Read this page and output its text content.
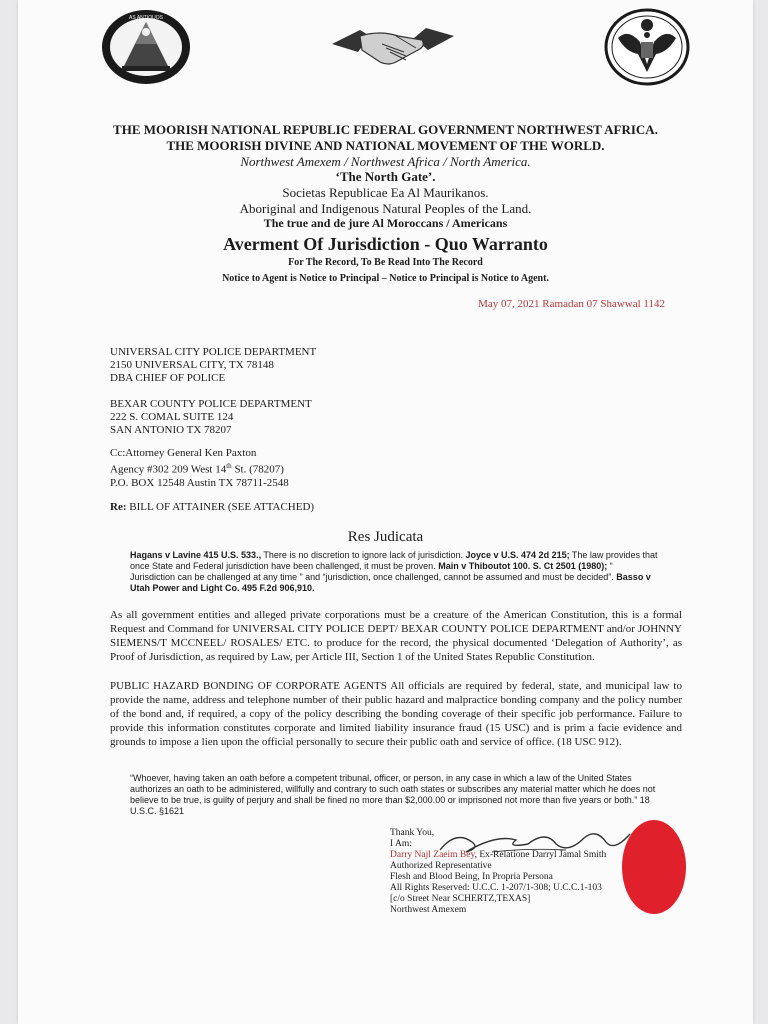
AS ANTIQUOS
THE MOORISH NATIONAL REPUBLIC FEDERAL GOVERNMENT NORTHWEST AFRICA.
THE MOORISH DIVINE AND NATIONAL MOVEMENT OF THE WORLD.
Northwest Amexem / Northwest Africa / North America.
‘The North Gate’.
Societas Republicae Ea Al Maurikanos.
Aboriginal and Indigenous Natural Peoples of the Land.
The true and de jure Al Moroccans / Americans
Averment Of Jurisdiction - Quo Warranto
For The Record, To Be Read Into The Record
Notice to Agent is Notice to Principal – Notice to Principal is Notice to Agent.
May 07, 2021 Ramadan 07 Shawwal 1142
UNIVERSAL CITY POLICE DEPARTMENT
2150 UNIVERSAL CITY, TX 78148
DBA CHIEF OF POLICE
BEXAR COUNTY POLICE DEPARTMENT
222 S. COMAL SUITE 124
SAN ANTONIO TX 78207
Cc:Attorney General Ken Paxton
Agency #302 209 West 14th St. (78207)
P.O. BOX 12548 Austin TX 78711-2548
Re: BILL OF ATTAINER (SEE ATTACHED)
Res Judicata
Hagans v Lavine 415 U.S. 533., There is no discretion to ignore lack of jurisdiction. Joyce v U.S. 474 2d 215; The law provides that once State and Federal jurisdiction have been challenged, it must be proven. Main v Thiboutot 100. S. Ct 2501 (1980); “ Jurisdiction can be challenged at any time ” and “jurisdiction, once challenged, cannot be assumed and must be decided”. Basso v Utah Power and Light Co. 495 F.2d 906,910.
As all government entities and alleged private corporations must be a creature of the American Constitution, this is a formal Request and Command for UNIVERSAL CITY POLICE DEPT/ BEXAR COUNTY POLICE DEPARTMENT and/or JOHNNY SIEMENS/T MCCNEEL/ ROSALES/ ETC. to produce for the record, the physical documented ‘Delegation of Authority’, as Proof of Jurisdiction, as required by Law, per Article III, Section 1 of the United States Republic Constitution.
PUBLIC HAZARD BONDING OF CORPORATE AGENTS All officials are required by federal, state, and municipal law to provide the name, address and telephone number of their public hazard and malpractice bonding company and the policy number of the bond and, if required, a copy of the policy describing the bonding coverage of their specific job performance. Failure to provide this information constitutes corporate and limited liability insurance fraud (15 USC) and is prim a facie evidence and grounds to impose a lien upon the official personally to secure their public oath and service of office. (18 USC 912).
“Whoever, having taken an oath before a competent tribunal, officer, or person, in any case in which a law of the United States authorizes an oath to be administered, willfully and contrary to such oath states or subscribes any material matter which he does not believe to be true, is guilty of perjury and shall be fined no more than $2,000.00 or imprisoned not more than five years or both.” 18 U.S.C. §1621
Thank You,
I Am:
Darry Najl Zaeim Bey, Ex-Relatione Darryl Jamal Smith
Authorized Representative
Flesh and Blood Being, In Propria Persona
All Rights Reserved: U.C.C. 1-207/1-308; U.C.C.1-103
[c/o Street Near SCHERTZ,TEXAS]
Northwest Amexem
